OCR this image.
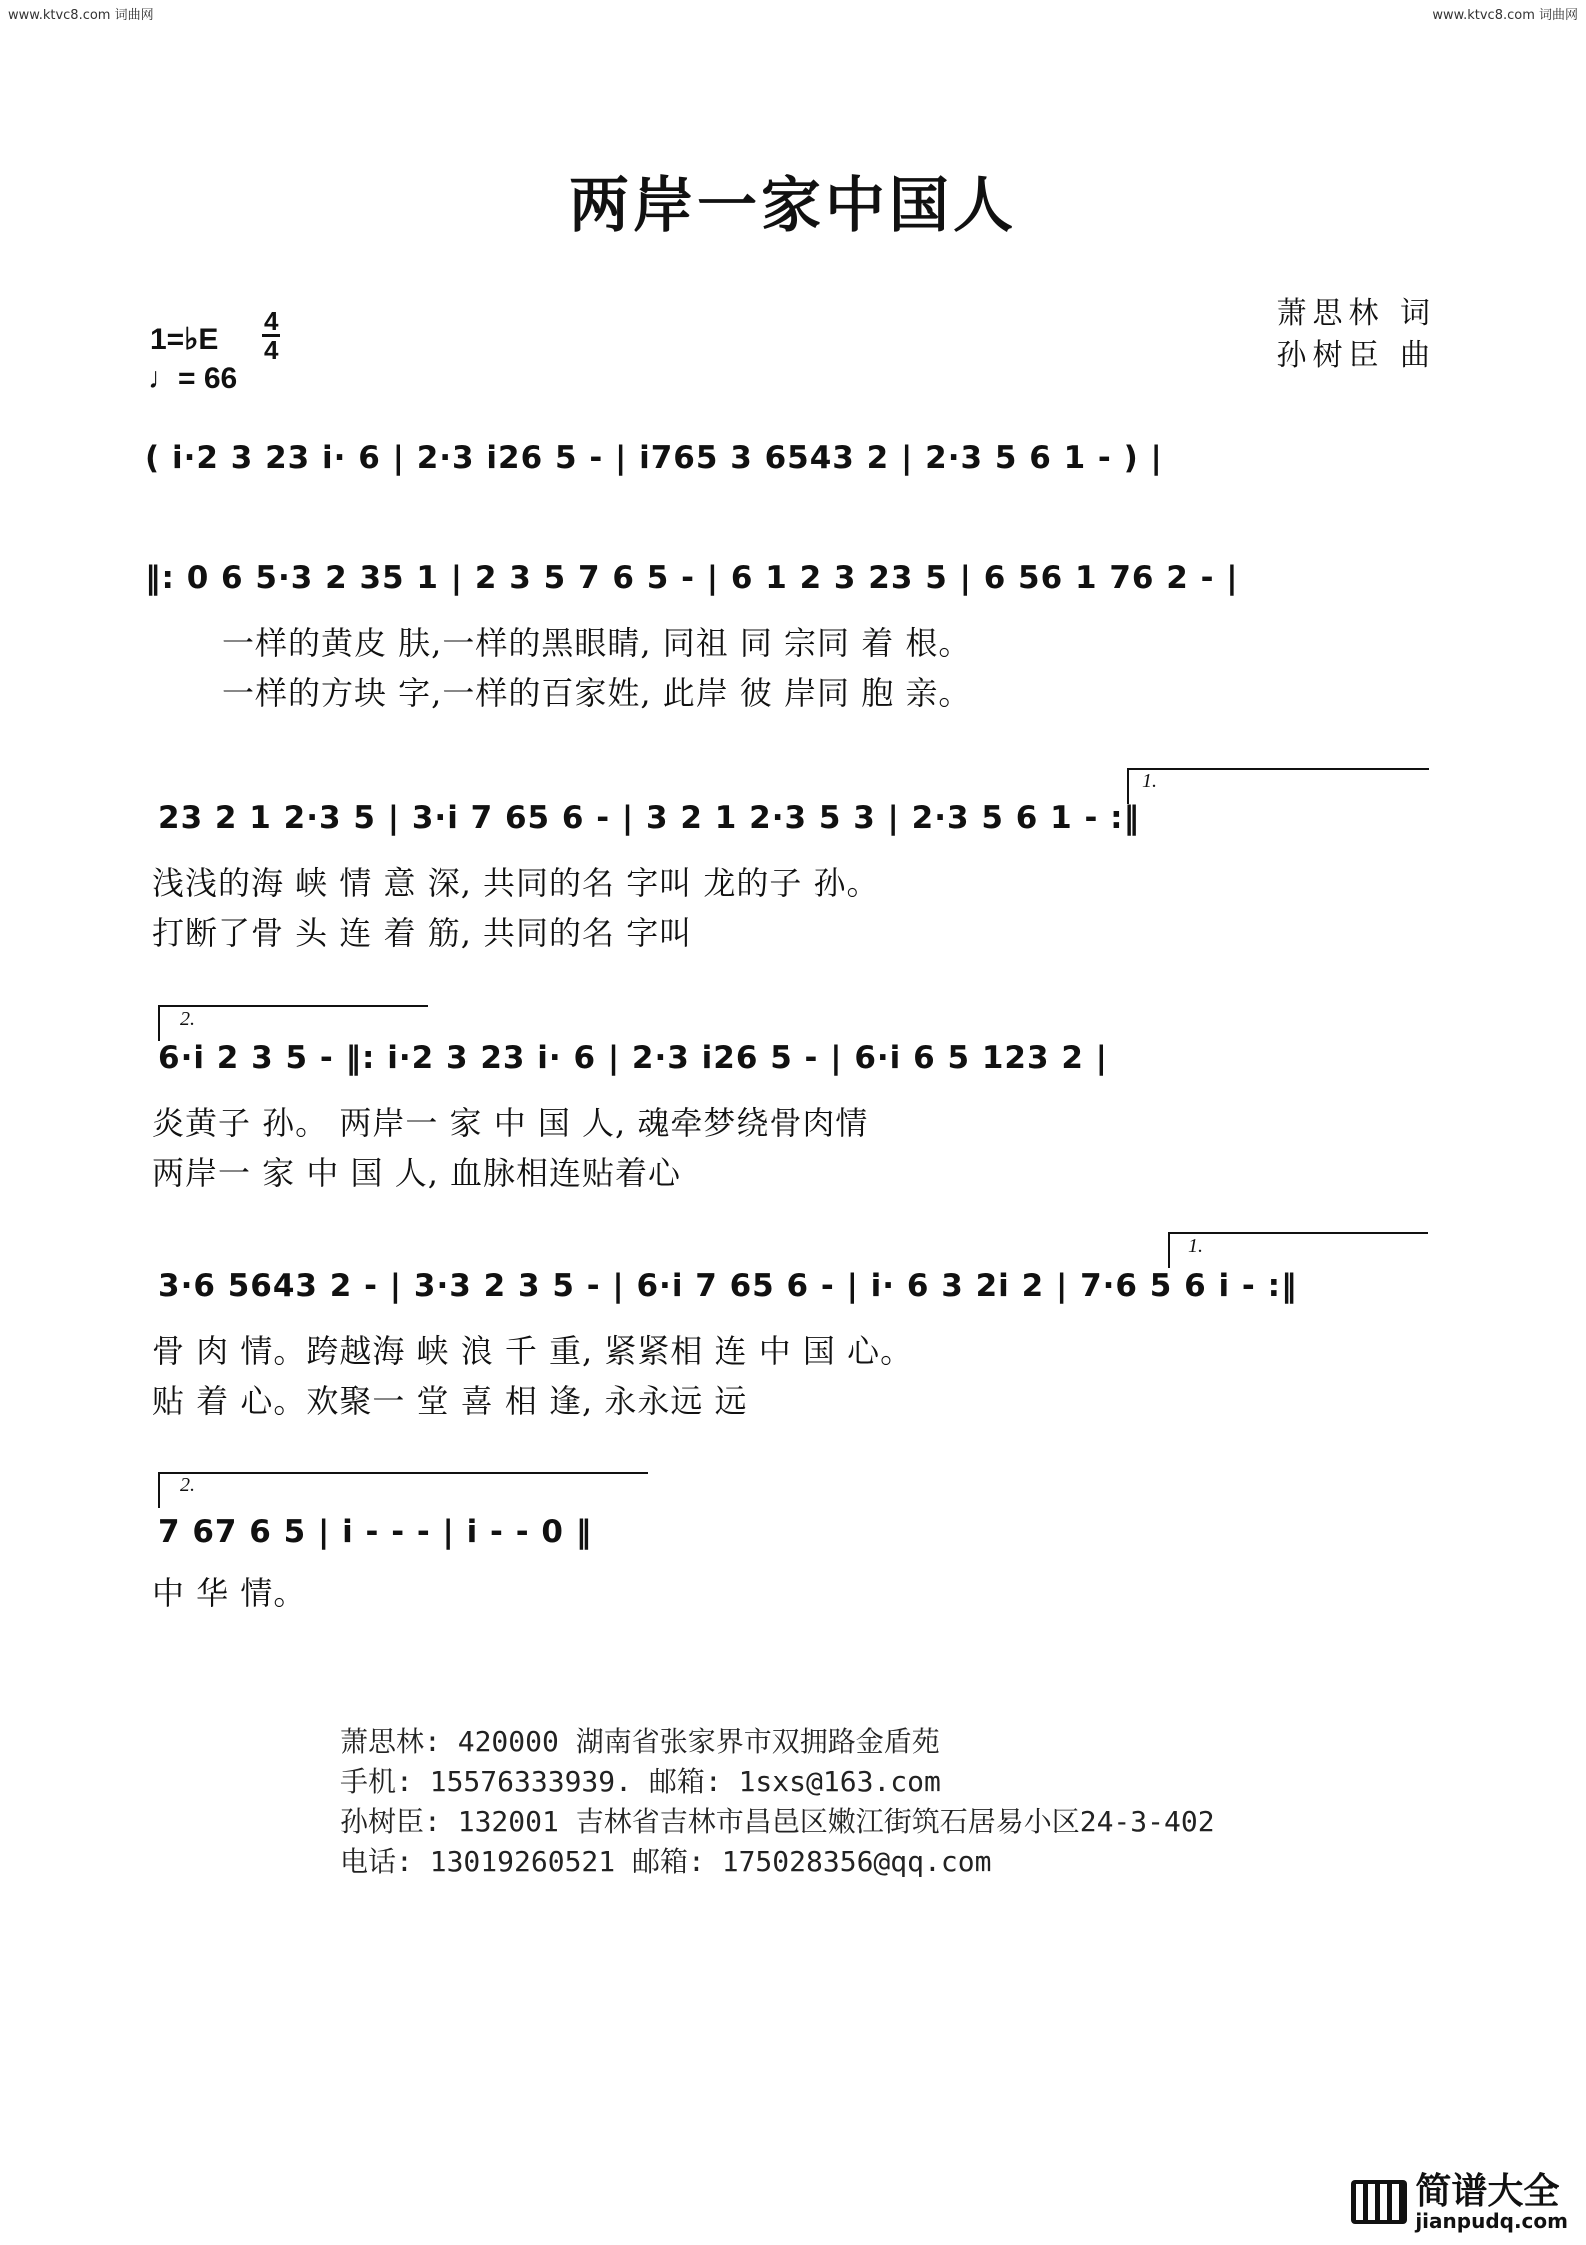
www.ktvc8.com 词曲网	www.ktvc8.com 词曲网
两岸一家中国人
萧思林 词
孙树臣 曲
1=♭E
4
4
♩= 66
( i·2 3 23 i· 6 | 2·3 i26 5 - | i765 3 6543 2 | 2·3 5 6 1 - ) |
‖: 0 6 5·3 2 35 1 | 2 3 5 7 6 5 - | 6 1 2 3 23 5 | 6 56 1 76 2 - |
一样的黄皮 肤,一样的黑眼睛, 同祖 同 宗同 着 根。
一样的方块 字,一样的百家姓, 此岸 彼 岸同 胞 亲。
1.
23 2 1 2·3 5 | 3·i 7 65 6 - | 3 2 1 2·3 5 3 | 2·3 5 6 1 - :‖
浅浅的海 峡 情 意 深, 共同的名 字叫 龙的子 孙。
打断了骨 头 连 着 筋, 共同的名 字叫
2.
6·i 2 3 5 - ‖: i·2 3 23 i· 6 | 2·3 i26 5 - | 6·i 6 5 123 2 |
炎黄子 孙。 两岸一 家 中 国 人, 魂牵梦绕骨肉情
两岸一 家 中 国 人, 血脉相连贴着心
1.
3·6 5643 2 - | 3·3 2 3 5 - | 6·i 7 65 6 - | i· 6 3 2i 2 | 7·6 5 6 i - :‖
骨 肉 情。跨越海 峡 浪 千 重, 紧紧相 连 中 国 心。
贴 着 心。欢聚一 堂 喜 相 逢, 永永远 远
2.
7 67 6 5 | i - - - | i - - 0 ‖
中 华 情。
萧思林: 420000 湖南省张家界市双拥路金盾苑
手机: 15576333939. 邮箱: 1sxs@163.com
孙树臣: 132001 吉林省吉林市昌邑区嫩江街筑石居易小区24-3-402
电话: 13019260521 邮箱: 175028356@qq.com
简谱大全
jianpudq.com
